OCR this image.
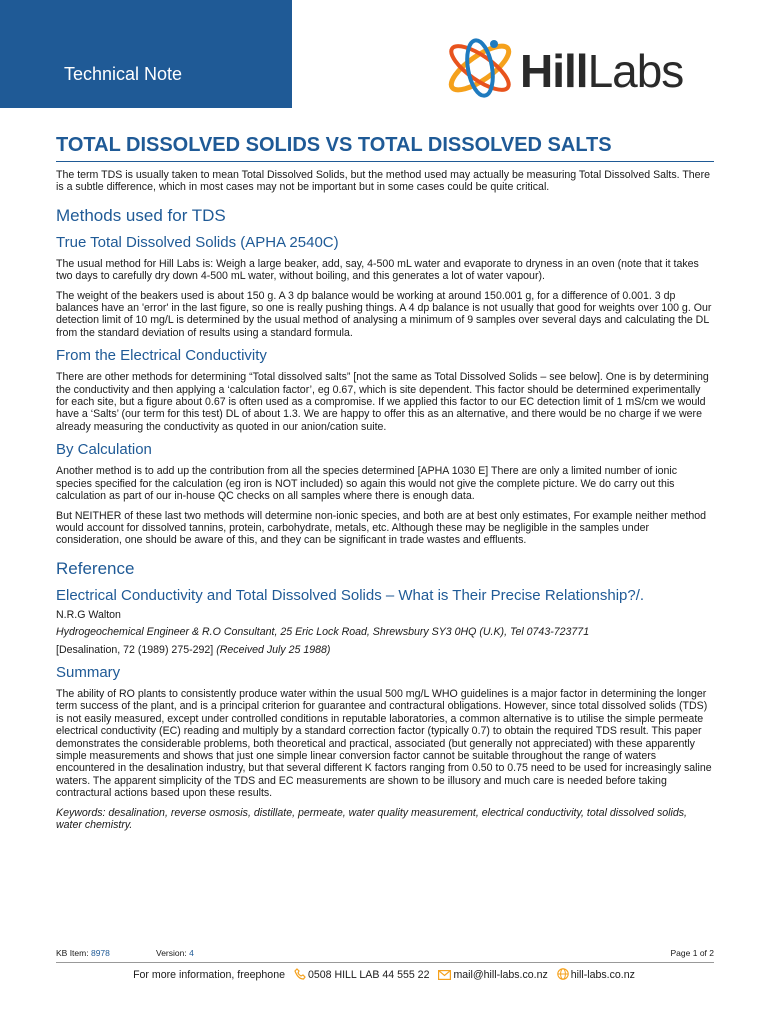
Technical Note	HillLabs
TOTAL DISSOLVED SOLIDS VS TOTAL DISSOLVED SALTS

The term TDS is usually taken to mean Total Dissolved Solids, but the method used may actually be measuring Total Dissolved Salts. There is a subtle difference, which in most cases may not be important but in some cases could be quite critical.

Methods used for TDS
True Total Dissolved Solids (APHA 2540C)

The usual method for Hill Labs is: Weigh a large beaker, add, say, 4-500 mL water and evaporate to dryness in an oven (note that it takes two days to carefully dry down 4-500 mL water, without boiling, and this generates a lot of water vapour).

The weight of the beakers used is about 150 g. A 3 dp balance would be working at around 150.001 g, for a difference of 0.001. 3 dp balances have an 'error' in the last figure, so one is really pushing things. A 4 dp balance is not usually that good for weights over 100 g. Our detection limit of 10 mg/L is determined by the usual method of analysing a minimum of 9 samples over several days and calculating the DL from the standard deviation of results using a standard formula.

From the Electrical Conductivity

There are other methods for determining “Total dissolved salts” [not the same as Total Dissolved Solids – see below]. One is by determining the conductivity and then applying a ‘calculation factor’, eg 0.67, which is site dependent. This factor should be determined experimentally for each site, but a figure about 0.67 is often used as a compromise. If we applied this factor to our EC detection limit of 1 mS/cm we would have a ‘Salts’ (our term for this test) DL of about 1.3. We are happy to offer this as an alternative, and there would be no charge if we were already measuring the conductivity as quoted in our anion/cation suite.

By Calculation

Another method is to add up the contribution from all the species determined [APHA 1030 E] There are only a limited number of ionic species specified for the calculation (eg iron is NOT included) so again this would not give the complete picture. We do carry out this calculation as part of our in-house QC checks on all samples where there is enough data.

But NEITHER of these last two methods will determine non-ionic species, and both are at best only estimates, For example neither method would account for dissolved tannins, protein, carbohydrate, metals, etc. Although these may be negligible in the samples under consideration, one should be aware of this, and they can be significant in trade wastes and effluents.

Reference
Electrical Conductivity and Total Dissolved Solids – What is Their Precise Relationship?/.

N.R.G Walton

Hydrogeochemical Engineer & R.O Consultant, 25 Eric Lock Road, Shrewsbury SY3 0HQ (U.K), Tel 0743-723771

[Desalination, 72 (1989) 275-292] (Received July 25 1988)

Summary

The ability of RO plants to consistently produce water within the usual 500 mg/L WHO guidelines is a major factor in determining the longer term success of the plant, and is a principal criterion for guarantee and contractural obligations. However, since total dissolved solids (TDS) is not easily measured, except under controlled conditions in reputable laboratories, a common alternative is to utilise the simple permeate electrical conductivity (EC) reading and multiply by a standard correction factor (typically 0.7) to obtain the required TDS result. This paper demonstrates the considerable problems, both theoretical and practical, associated (but generally not appreciated) with these apparently simple measurements and shows that just one simple linear conversion factor cannot be suitable throughout the range of waters encountered in the desalination industry, but that several different K factors ranging from 0.50 to 0.75 need to be used for increasingly saline waters. The apparent simplicity of the TDS and EC measurements are shown to be illusory and much care is needed before taking contractural actions based upon these results.

Keywords: desalination, reverse osmosis, distillate, permeate, water quality measurement, electrical conductivity, total dissolved solids, water chemistry.

KB Item: 8978	Version: 4	Page 1 of 2
For more information, freephone 0508 HILL LAB 44 555 22 mail@hill-labs.co.nz hill-labs.co.nz
